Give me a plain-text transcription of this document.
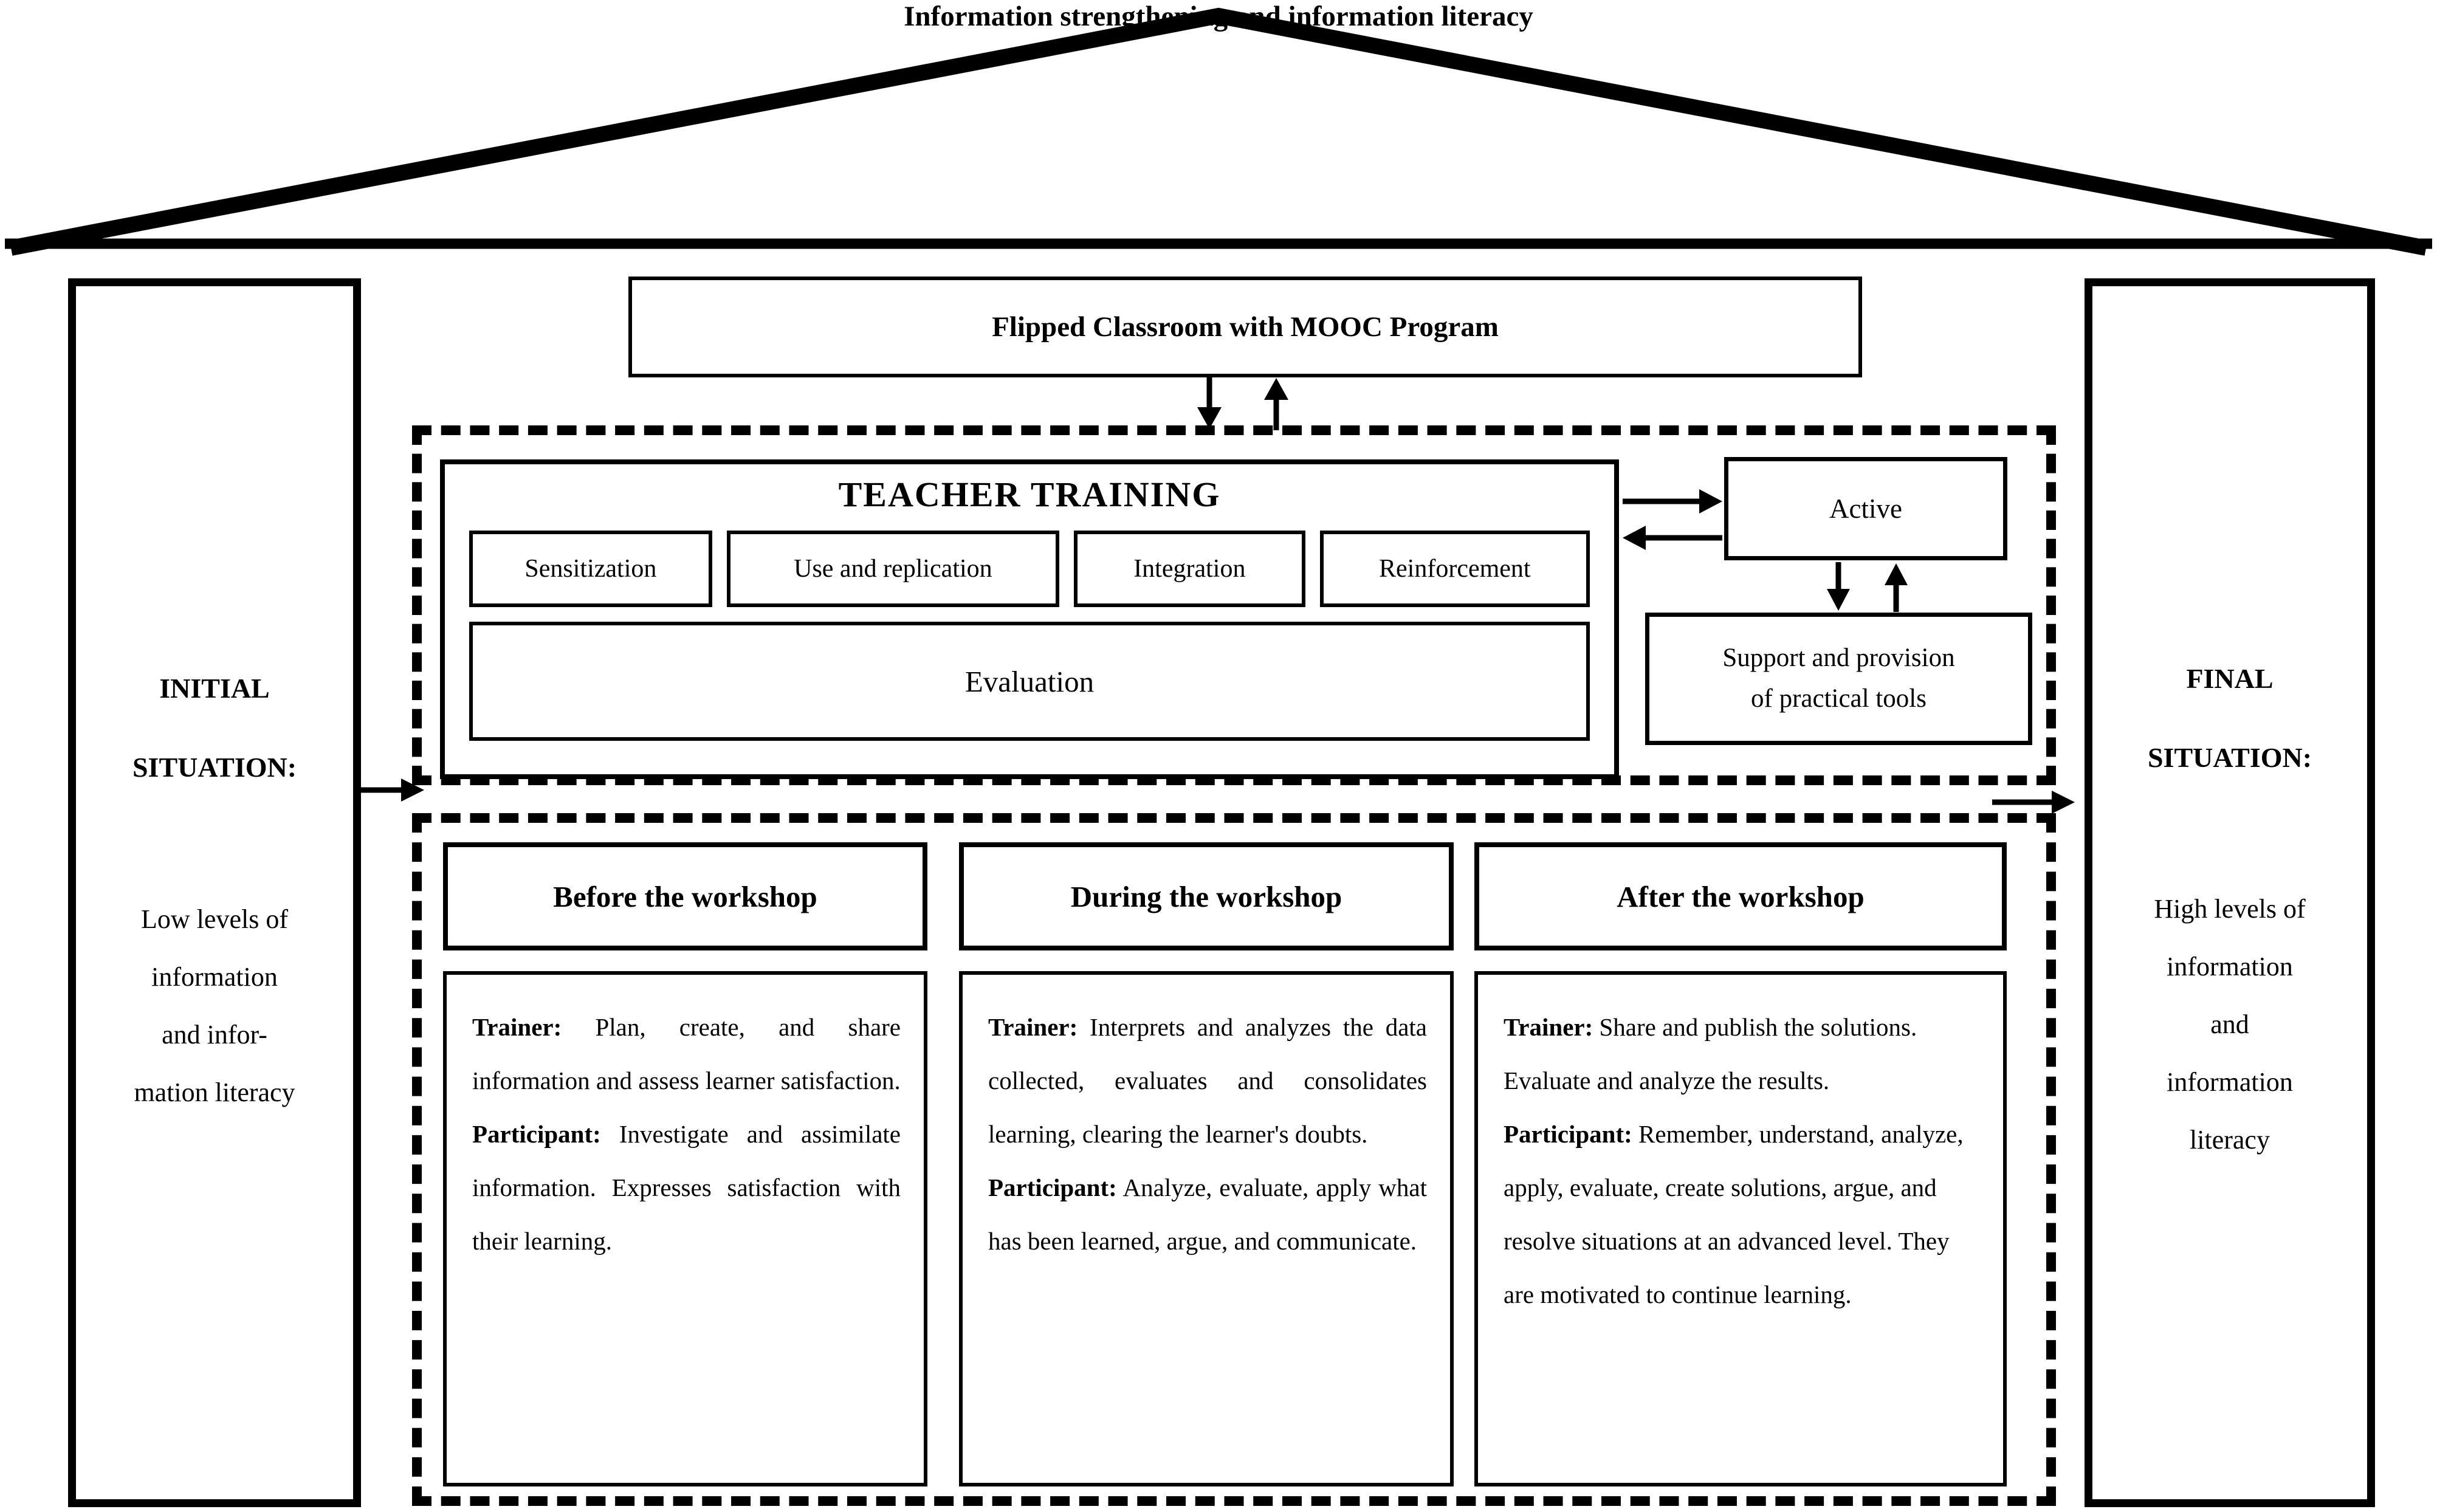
Information strengthening and information literacy
Flipped Classroom with MOOC Program
TEACHER TRAINING
Sensitization	Use and replication	Integration	Reinforcement
Evaluation
Active
Support and provision
of practical tools
INITIAL
SITUATION:
Low levels of
information
and infor-
mation literacy
FINAL
SITUATION:
High levels of
information
and
information
literacy
Before the workshop

Trainer: Plan, create, and share information and assess learner satisfaction.

Participant: Investigate and assimilate information. Expresses satisfaction with their learning.

During the workshop

Trainer: Interprets and analyzes the data collected, evaluates and consolidates learning, clearing the learner's doubts.

Participant: Analyze, evaluate, apply what has been learned, argue, and communicate.

After the workshop

Trainer: Share and publish the solutions. Evaluate and analyze the results.

Participant: Remember, understand, analyze, apply, evaluate, create solutions, argue, and resolve situations at an advanced level. They are motivated to continue learning.
